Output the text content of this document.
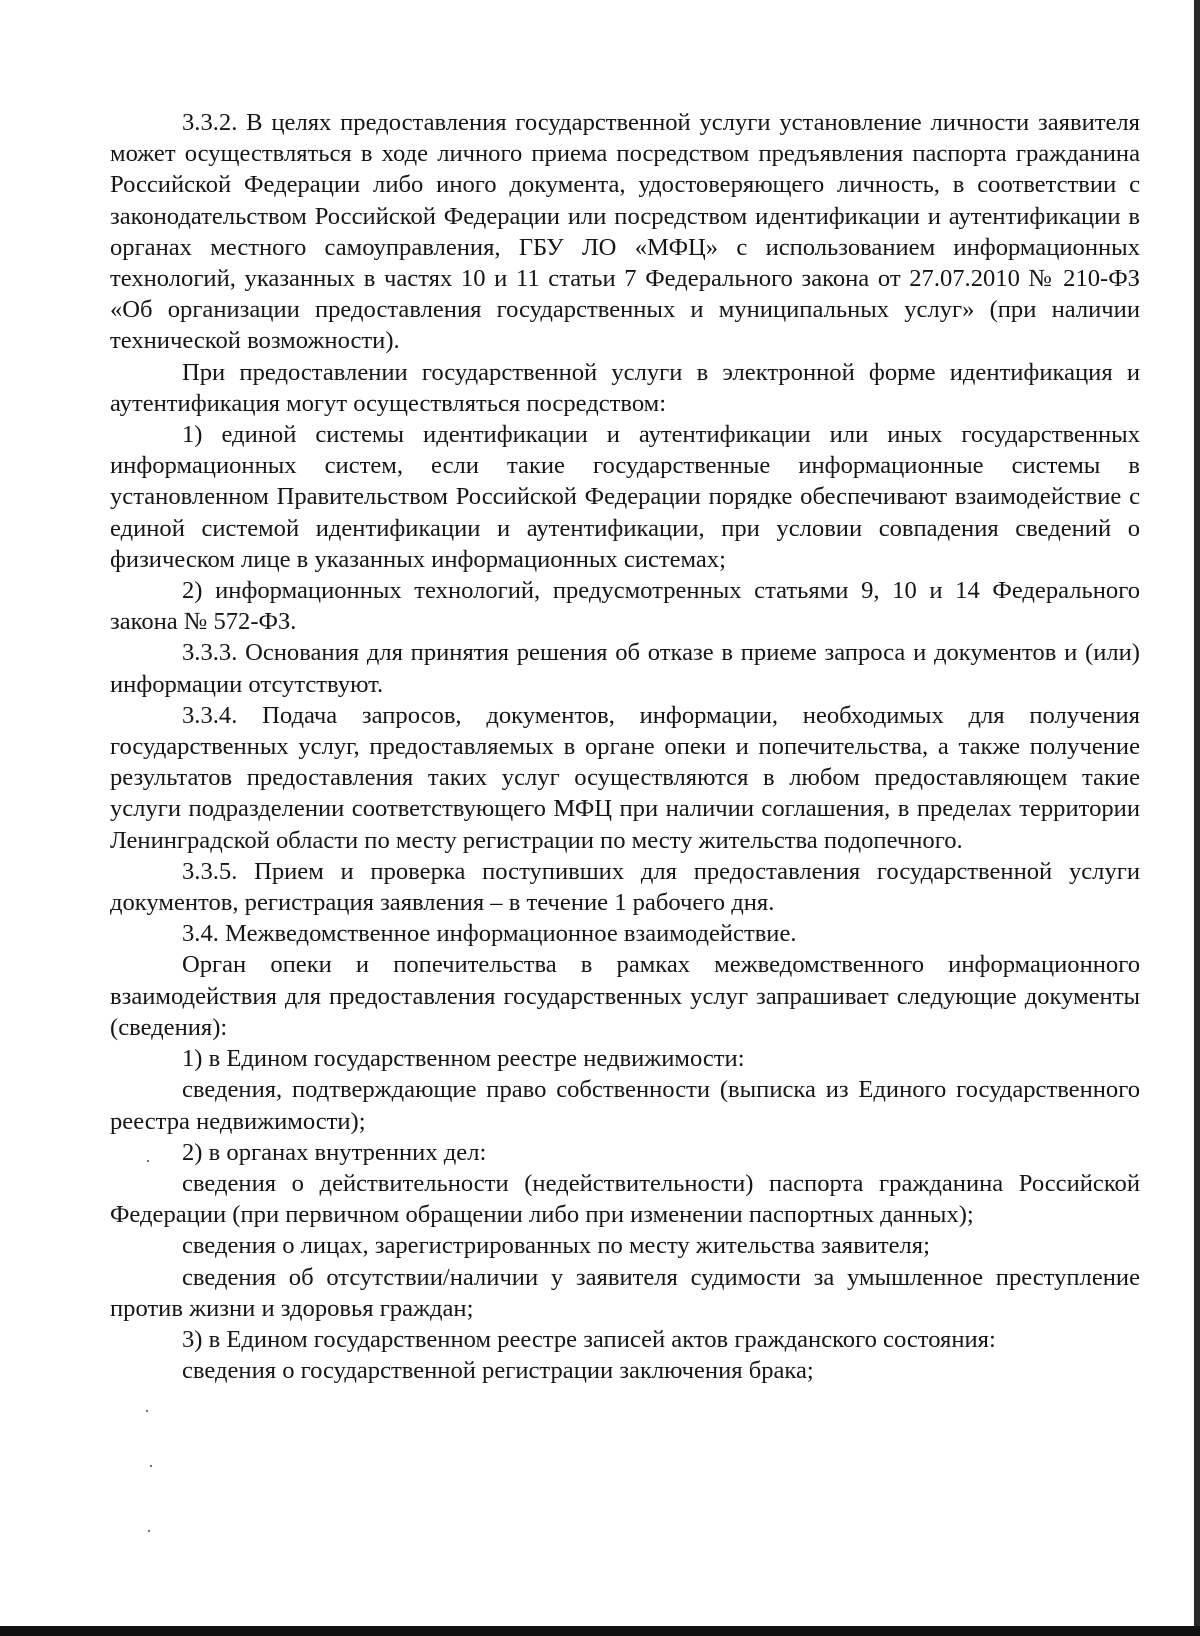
3.3.2. В целях предоставления государственной услуги установление личности заявителя может осуществляться в ходе личного приема посредством предъявления паспорта гражданина Российской Федерации либо иного документа, удостоверяющего личность, в соответствии с законодательством Российской Федерации или посредством идентификации и аутентификации в органах местного самоуправления, ГБУ ЛО «МФЦ» с использованием информационных технологий, указанных в частях 10 и 11 статьи 7 Федерального закона от 27.07.2010 № 210-ФЗ «Об организации предоставления государственных и муниципальных услуг» (при наличии технической возможности).

При предоставлении государственной услуги в электронной форме идентификация и аутентификация могут осуществляться посредством:

1) единой системы идентификации и аутентификации или иных государственных информационных систем, если такие государственные информационные системы в установленном Правительством Российской Федерации порядке обеспечивают взаимодействие с единой системой идентификации и аутентификации, при условии совпадения сведений о физическом лице в указанных информационных системах;

2) информационных технологий, предусмотренных статьями 9, 10 и 14 Федерального закона № 572-ФЗ.

3.3.3. Основания для принятия решения об отказе в приеме запроса и документов и (или) информации отсутствуют.

3.3.4. Подача запросов, документов, информации, необходимых для получения государственных услуг, предоставляемых в органе опеки и попечительства, а также получение результатов предоставления таких услуг осуществляются в любом предоставляющем такие услуги подразделении соответствующего МФЦ при наличии соглашения, в пределах территории Ленинградской области по месту регистрации по месту жительства подопечного.

3.3.5. Прием и проверка поступивших для предоставления государственной услуги документов, регистрация заявления – в течение 1 рабочего дня.

3.4. Межведомственное информационное взаимодействие.

Орган опеки и попечительства в рамках межведомственного информационного взаимодействия для предоставления государственных услуг запрашивает следующие документы (сведения):

1) в Едином государственном реестре недвижимости:

сведения, подтверждающие право собственности (выписка из Единого государственного реестра недвижимости);

2) в органах внутренних дел:

сведения о действительности (недействительности) паспорта гражданина Российской Федерации (при первичном обращении либо при изменении паспортных данных);

сведения о лицах, зарегистрированных по месту жительства заявителя;

сведения об отсутствии/наличии у заявителя судимости за умышленное преступление против жизни и здоровья граждан;

3) в Едином государственном реестре записей актов гражданского состояния:

сведения о государственной регистрации заключения брака;
